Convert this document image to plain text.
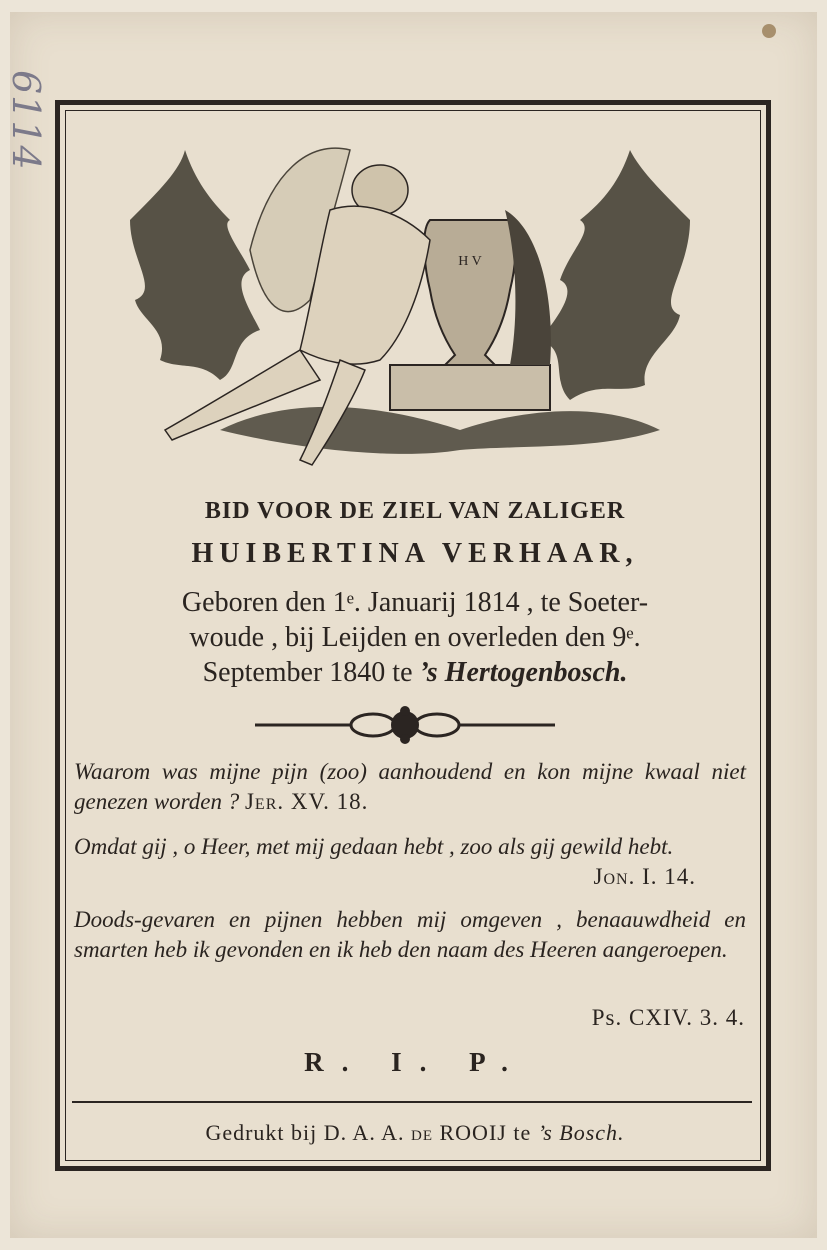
6114
H V
BID VOOR DE ZIEL VAN ZALIGER
HUIBERTINA VERHAAR,
Geboren den 1ᵉ. Januarij 1814 , te Soeter-
woude , bij Leijden en overleden den 9ᵉ.
September 1840 te ’s Hertogenbosch.
Waarom was mijne pijn (zoo) aanhoudend en kon mijne kwaal niet genezen worden ? Jer. XV. 18.
Omdat gij , o Heer, met mij gedaan hebt , zoo als gij gewild hebt.
Jon. I. 14.
Doods-gevaren en pijnen hebben mij omgeven , benaauwdheid en smarten heb ik gevonden en ik heb den naam des Heeren aangeroepen.
Ps. CXIV. 3. 4.
R. I. P.
Gedrukt bij D. A. A. de ROOIJ te ’s Bosch.
